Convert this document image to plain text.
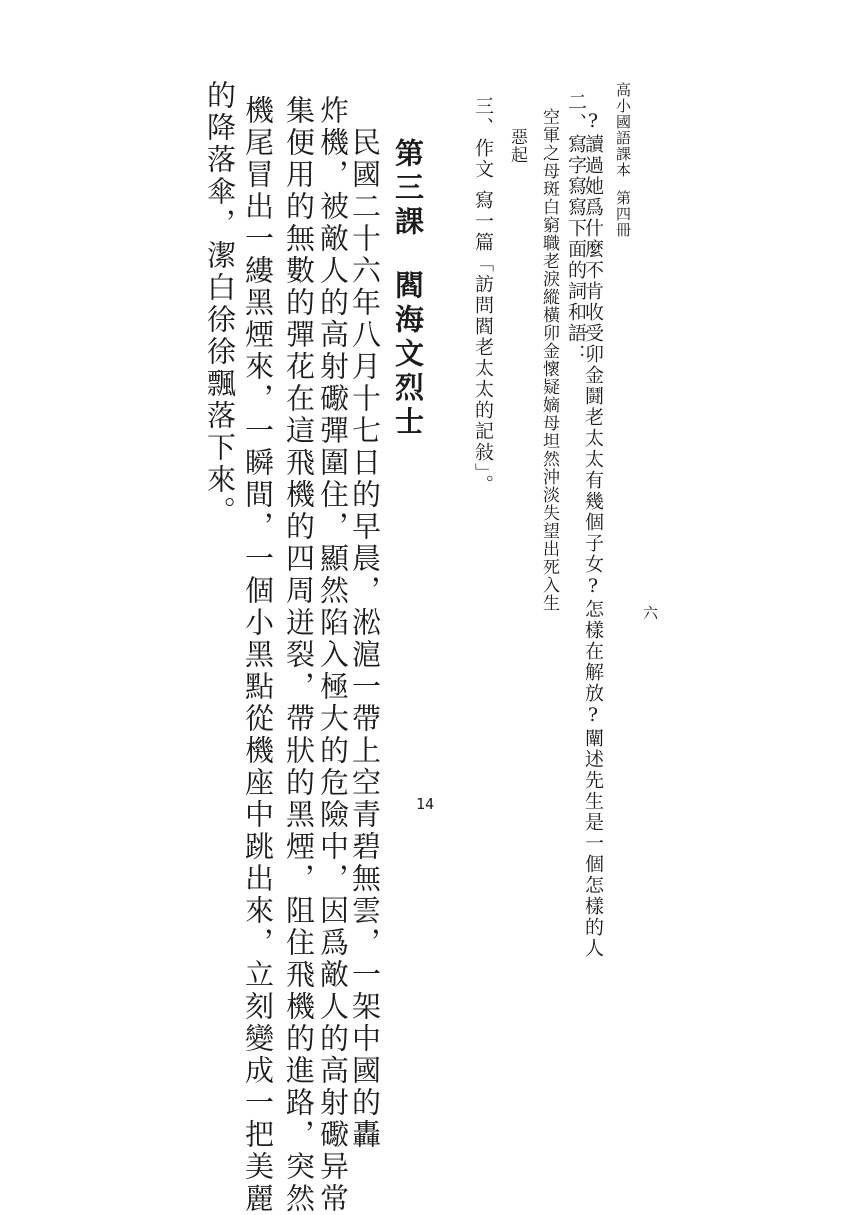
高小國語課本第四冊
?讀過她爲什麼不肯收受卯金鬪老太太有幾個子女?怎樣在解放?闡述先生是一個怎樣的人 六
二、寫字寫寫下面的詞和語：
空軍之母斑白窮職老淚縱橫卯金懷疑嫡母坦然沖淡失望出死入生
惡起
三、作文寫一篇「訪問閻老太太的記敍」。
第三課閻海文烈士
民國二十六年八月十七日的早晨，淞滬一帶上空青碧無雲，一架中國的轟
炸機，被敵人的高射礮彈圍住，顯然陷入極大的危險中，因爲敵人的高射礮异常
集便用的無數的彈花在這飛機的四周迸裂，帶狀的黑煙，阻住飛機的進路，突然
機尾冒出一縷黑煙來，一瞬間，一個小黑點從機座中跳出來，立刻變成一把美麗
的降落傘，潔白徐徐飄落下來。
14
